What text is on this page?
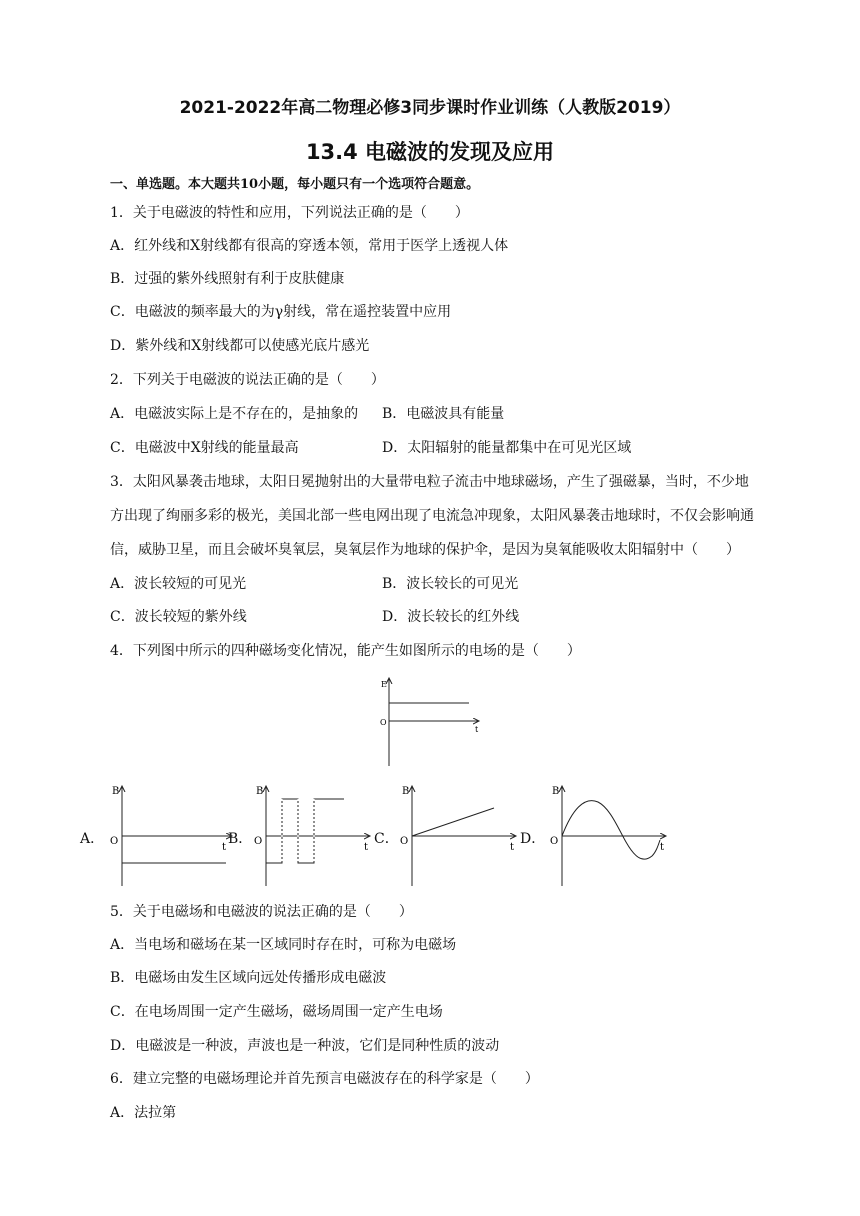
2021-2022年高二物理必修3同步课时作业训练（人教版2019）
13.4 电磁波的发现及应用
一、单选题。本大题共10小题，每小题只有一个选项符合题意。
1．关于电磁波的特性和应用，下列说法正确的是（　　）
A．红外线和X射线都有很高的穿透本领，常用于医学上透视人体
B．过强的紫外线照射有利于皮肤健康
C．电磁波的频率最大的为γ射线，常在遥控装置中应用
D．紫外线和X射线都可以使感光底片感光
2．下列关于电磁波的说法正确的是（　　）
A．电磁波实际上是不存在的，是抽象的 B．电磁波具有能量
C．电磁波中X射线的能量最高	D．太阳辐射的能量都集中在可见光区域
3．太阳风暴袭击地球，太阳日冕抛射出的大量带电粒子流击中地球磁场，产生了强磁暴，当时，不少地
方出现了绚丽多彩的极光，美国北部一些电网出现了电流急冲现象，太阳风暴袭击地球时，不仅会影响通
信，威胁卫星，而且会破坏臭氧层，臭氧层作为地球的保护伞，是因为臭氧能吸收太阳辐射中（　　）
A．波长较短的可见光	B．波长较长的可见光
C．波长较短的紫外线	D．波长较长的红外线
4．下列图中所示的四种磁场变化情况，能产生如图所示的电场的是（　　）
E
O
t
A．	B．	C．	D．
B
O
t
B
O
t
B
O
t
B
O
t
5．关于电磁场和电磁波的说法正确的是（　　）
A．当电场和磁场在某一区域同时存在时，可称为电磁场
B．电磁场由发生区域向远处传播形成电磁波
C．在电场周围一定产生磁场，磁场周围一定产生电场
D．电磁波是一种波，声波也是一种波，它们是同种性质的波动
6．建立完整的电磁场理论并首先预言电磁波存在的科学家是（　　）
A．法拉第
